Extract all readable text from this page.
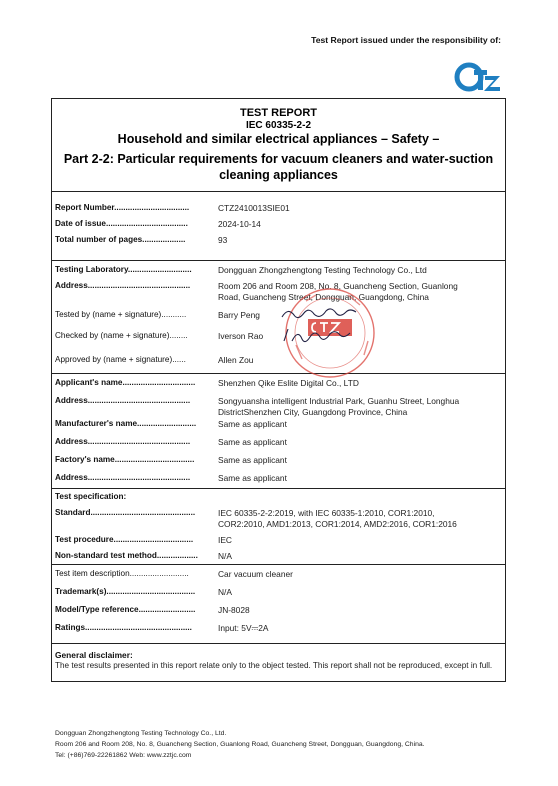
Test Report issued under the responsibility of:
TEST REPORT
IEC 60335-2-2
Household and similar electrical appliances – Safety –
Part 2-2: Particular requirements for vacuum cleaners and water-suction
cleaning appliances
Report Number.................................	CTZ2410013SIE01
Date of issue....................................	2024-10-14
Total number of pages...................	93
Testing Laboratory............................	Dongguan Zhongzhengtong Testing Technology Co., Ltd
Address.............................................	Room 206 and Room 208, No. 8, Guancheng Section, Guanlong
Road, Guancheng Street, Dongguan, Guangdong, China
Tested by (name + signature)...........	Barry Peng
Checked by (name + signature)........	Iverson Rao
Approved by (name + signature)......	Allen Zou
Applicant's name................................	Shenzhen Qike Eslite Digital Co., LTD
Address.............................................	Songyuansha intelligent Industrial Park, Guanhu Street, Longhua
DistrictShenzhen City, Guangdong Province, China
Manufacturer's name..........................	Same as applicant
Address.............................................	Same as applicant
Factory's name...................................	Same as applicant
Address.............................................	Same as applicant
Test specification:
Standard..............................................	IEC 60335-2-2:2019, with IEC 60335-1:2010, COR1:2010,
COR2:2010, AMD1:2013, COR1:2014, AMD2:2016, COR1:2016
Test procedure...................................	IEC
Non-standard test method.................. N/A
Test item description..........................	Car vacuum cleaner
Trademark(s).......................................	N/A
Model/Type reference.........................	JN-8028
Ratings...............................................	Input: 5V⎓2A
General disclaimer:
The test results presented in this report relate only to the object tested. This report shall not be reproduced, except in full.
Dongguan Zhongzhengtong Testing Technology Co., Ltd.
Room 206 and Room 208, No. 8, Guancheng Section, Guanlong Road, Guancheng Street, Dongguan, Guangdong, China.
Tel: (+86)769-22261862 Web: www.zztjc.com
